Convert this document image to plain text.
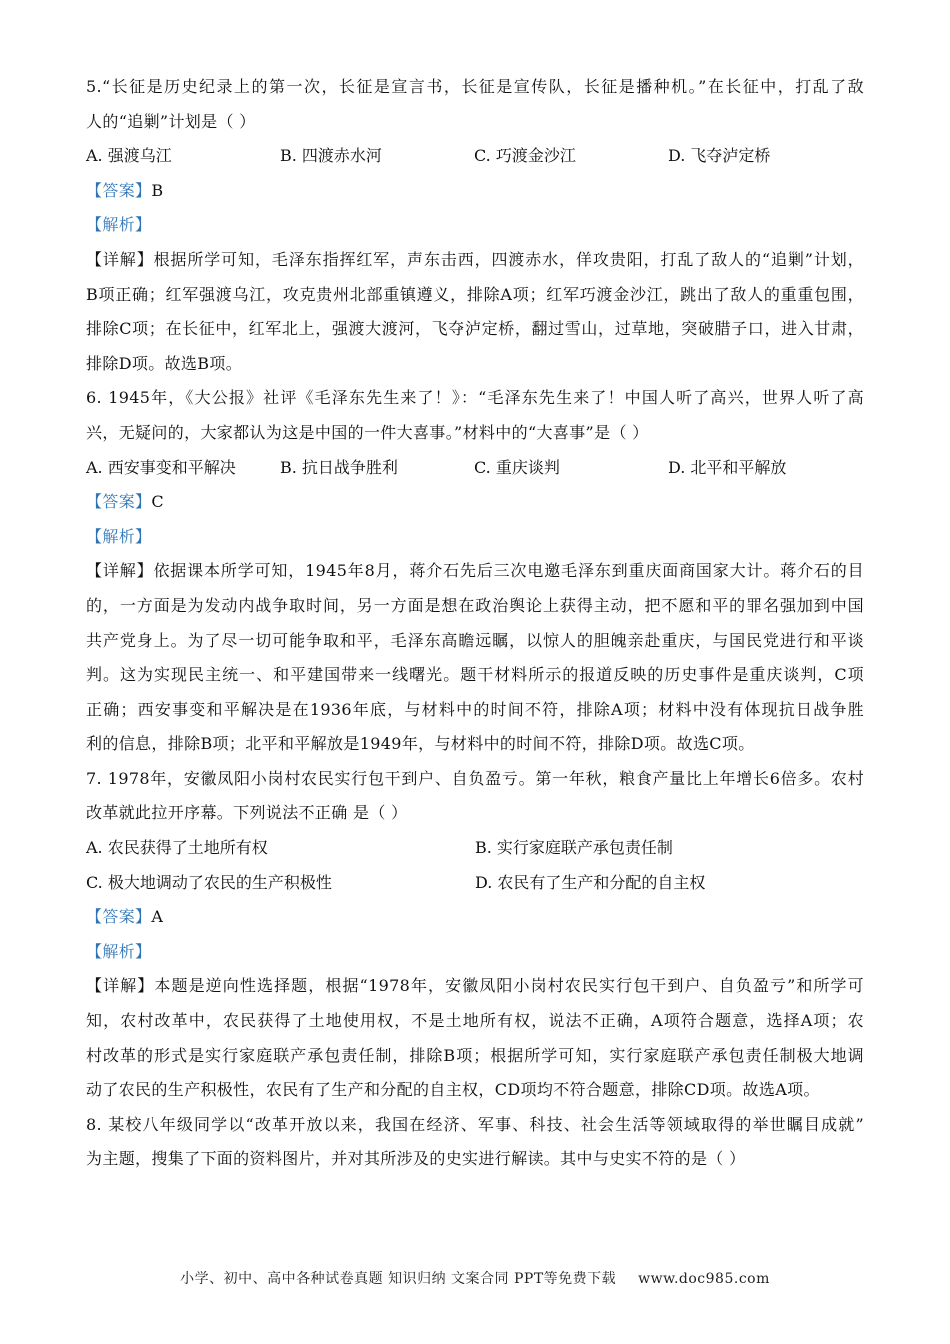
5.“长征是历史纪录上的第一次，长征是宣言书，长征是宣传队，长征是播种机。”在长征中，打乱了敌
人的“追剿”计划是（ ）
A. 强渡乌江	B. 四渡赤水河	C. 巧渡金沙江	D. 飞夺泸定桥
【答案】B
【解析】
【详解】根据所学可知，毛泽东指挥红军，声东击西，四渡赤水，佯攻贵阳，打乱了敌人的“追剿”计划，
B项正确；红军强渡乌江，攻克贵州北部重镇遵义，排除A项；红军巧渡金沙江，跳出了敌人的重重包围，
排除C项；在长征中，红军北上，强渡大渡河，飞夺泸定桥，翻过雪山，过草地，突破腊子口，进入甘肃，
排除D项。故选B项。
6. 1945年，《大公报》社评《毛泽东先生来了！》：“毛泽东先生来了！中国人听了高兴，世界人听了高
兴，无疑问的，大家都认为这是中国的一件大喜事。”材料中的“大喜事”是（ ）
A. 西安事变和平解决	B. 抗日战争胜利	C. 重庆谈判	D. 北平和平解放
【答案】C
【解析】
【详解】依据课本所学可知，1945年8月，蒋介石先后三次电邀毛泽东到重庆面商国家大计。蒋介石的目
的，一方面是为发动内战争取时间，另一方面是想在政治舆论上获得主动，把不愿和平的罪名强加到中国
共产党身上。为了尽一切可能争取和平，毛泽东高瞻远瞩，以惊人的胆魄亲赴重庆，与国民党进行和平谈
判。这为实现民主统一、和平建国带来一线曙光。题干材料所示的报道反映的历史事件是重庆谈判，C项
正确；西安事变和平解决是在1936年底，与材料中的时间不符，排除A项；材料中没有体现抗日战争胜
利的信息，排除B项；北平和平解放是1949年，与材料中的时间不符，排除D项。故选C项。
7. 1978年，安徽凤阳小岗村农民实行包干到户、自负盈亏。第一年秋，粮食产量比上年增长6倍多。农村
改革就此拉开序幕。下列说法不正确 是（ ）
A. 农民获得了土地所有权	B. 实行家庭联产承包责任制
C. 极大地调动了农民的生产积极性	D. 农民有了生产和分配的自主权
【答案】A
【解析】
【详解】本题是逆向性选择题，根据“1978年，安徽凤阳小岗村农民实行包干到户、自负盈亏”和所学可
知，农村改革中，农民获得了土地使用权，不是土地所有权，说法不正确，A项符合题意，选择A项；农
村改革的形式是实行家庭联产承包责任制，排除B项；根据所学可知，实行家庭联产承包责任制极大地调
动了农民的生产积极性，农民有了生产和分配的自主权，CD项均不符合题意，排除CD项。故选A项。
8. 某校八年级同学以“改革开放以来，我国在经济、军事、科技、社会生活等领域取得的举世瞩目成就”
为主题，搜集了下面的资料图片，并对其所涉及的史实进行解读。其中与史实不符的是（ ）
小学、初中、高中各种试卷真题 知识归纳 文案合同 PPT等免费下载 www.doc985.com
